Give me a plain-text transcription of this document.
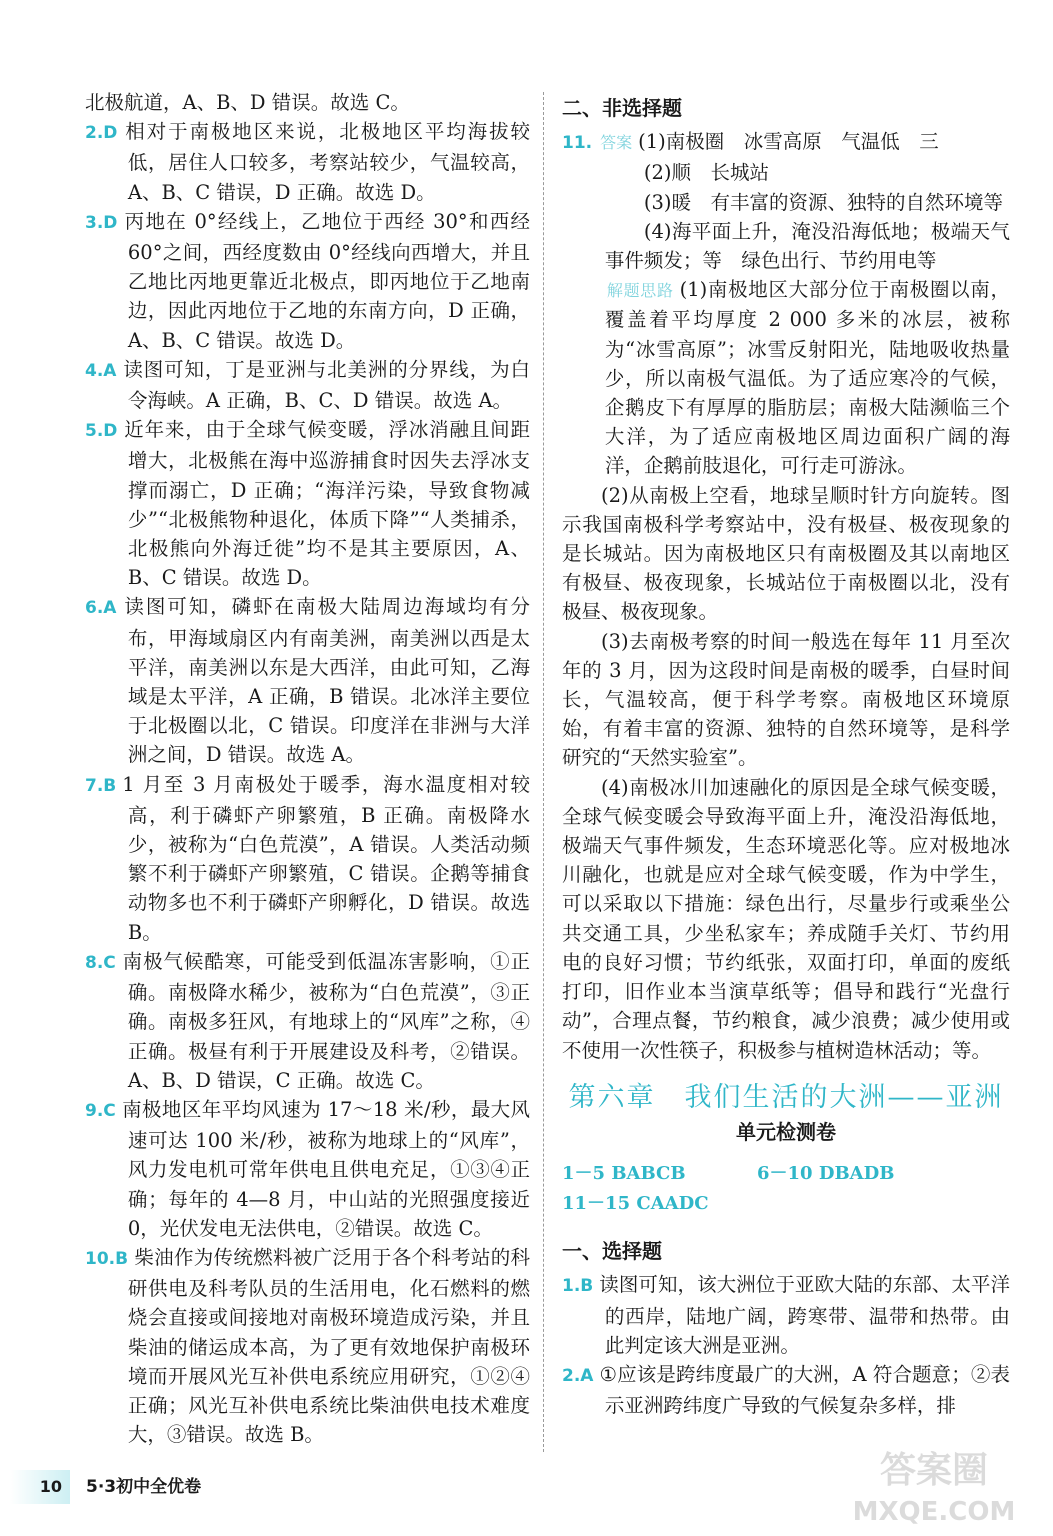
北极航道，A、B、D 错误。故选 C。

2.D 相对于南极地区来说，北极地区平均海拔较低，居住人口较多，考察站较少，气温较高，A、B、C 错误，D 正确。故选 D。

3.D 丙地在 0°经线上，乙地位于西经 30°和西经 60°之间，西经度数由 0°经线向西增大，并且乙地比丙地更靠近北极点，即丙地位于乙地南边，因此丙地位于乙地的东南方向，D 正确，A、B、C 错误。故选 D。

4.A 读图可知，丁是亚洲与北美洲的分界线，为白令海峡。A 正确，B、C、D 错误。故选 A。

5.D 近年来，由于全球气候变暖，浮冰消融且间距增大，北极熊在海中巡游捕食时因失去浮冰支撑而溺亡，D 正确；“海洋污染，导致食物减少”“北极熊物种退化，体质下降”“人类捕杀，北极熊向外海迁徙”均不是其主要原因，A、B、C 错误。故选 D。

6.A 读图可知，磷虾在南极大陆周边海域均有分布，甲海域扇区内有南美洲，南美洲以西是太平洋，南美洲以东是大西洋，由此可知，乙海域是太平洋，A 正确，B 错误。北冰洋主要位于北极圈以北，C 错误。印度洋在非洲与大洋洲之间，D 错误。故选 A。

7.B 1 月至 3 月南极处于暖季，海水温度相对较高，利于磷虾产卵繁殖，B 正确。南极降水少，被称为“白色荒漠”，A 错误。人类活动频繁不利于磷虾产卵繁殖，C 错误。企鹅等捕食动物多也不利于磷虾产卵孵化，D 错误。故选 B。

8.C 南极气候酷寒，可能受到低温冻害影响，①正确。南极降水稀少，被称为“白色荒漠”，③正确。南极多狂风，有地球上的“风库”之称，④正确。极昼有利于开展建设及科考，②错误。A、B、D 错误，C 正确。故选 C。

9.C 南极地区年平均风速为 17～18 米/秒，最大风速可达 100 米/秒，被称为地球上的“风库”，风力发电机可常年供电且供电充足，①③④正确；每年的 4—8 月，中山站的光照强度接近 0，光伏发电无法供电，②错误。故选 C。

10.B 柴油作为传统燃料被广泛用于各个科考站的科研供电及科考队员的生活用电，化石燃料的燃烧会直接或间接地对南极环境造成污染，并且柴油的储运成本高，为了更有效地保护南极环境而开展风光互补供电系统应用研究，①②④正确；风光互补供电系统比柴油供电技术难度大，③错误。故选 B。

二、非选择题

11. 答案 (1)南极圈　冰雪高原　气温低　三

(2)顺　长城站

(3)暖　有丰富的资源、独特的自然环境等

(4)海平面上升，淹没沿海低地；极端天气事件频发；等　绿色出行、节约用电等

解题思路 (1)南极地区大部分位于南极圈以南，覆盖着平均厚度 2 000 多米的冰层，被称为“冰雪高原”；冰雪反射阳光，陆地吸收热量少，所以南极气温低。为了适应寒冷的气候，企鹅皮下有厚厚的脂肪层；南极大陆濒临三个大洋，为了适应南极地区周边面积广阔的海洋，企鹅前肢退化，可行走可游泳。

(2)从南极上空看，地球呈顺时针方向旋转。图示我国南极科学考察站中，没有极昼、极夜现象的是长城站。因为南极地区只有南极圈及其以南地区有极昼、极夜现象，长城站位于南极圈以北，没有极昼、极夜现象。

(3)去南极考察的时间一般选在每年 11 月至次年的 3 月，因为这段时间是南极的暖季，白昼时间长，气温较高，便于科学考察。南极地区环境原始，有着丰富的资源、独特的自然环境等，是科学研究的“天然实验室”。

(4)南极冰川加速融化的原因是全球气候变暖，全球气候变暖会导致海平面上升，淹没沿海低地，极端天气事件频发，生态环境恶化等。应对极地冰川融化，也就是应对全球气候变暖，作为中学生，可以采取以下措施：绿色出行，尽量步行或乘坐公共交通工具，少坐私家车；养成随手关灯、节约用电的良好习惯；节约纸张，双面打印，单面的废纸打印，旧作业本当演草纸等；倡导和践行“光盘行动”，合理点餐，节约粮食，减少浪费；减少使用或不使用一次性筷子，积极参与植树造林活动；等。

第六章　我们生活的大洲——亚洲
单元检测卷
1－5 BABCB	6－10 DBADB
11－15 CAADC
一、选择题

1.B 读图可知，该大洲位于亚欧大陆的东部、太平洋的西岸，陆地广阔，跨寒带、温带和热带。由此判定该大洲是亚洲。

2.A ①应该是跨纬度最广的大洲，A 符合题意；②表示亚洲跨纬度广导致的气候复杂多样，排

10	5·3初中全优卷	答案圈
MXQE.COM
